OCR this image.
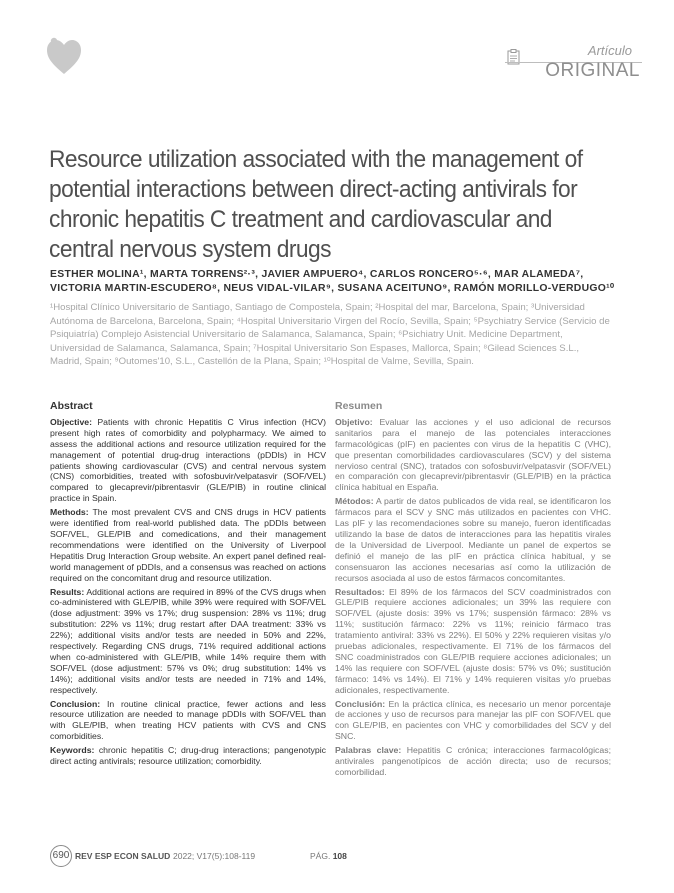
Artículo
ORIGINAL
Resource utilization associated with the management of potential interactions between direct-acting antivirals for chronic hepatitis C treatment and cardiovascular and central nervous system drugs
ESTHER MOLINA¹, MARTA TORRENS²·³, JAVIER AMPUERO⁴, CARLOS RONCERO⁵·⁶, MAR ALAMEDA⁷, VICTORIA MARTIN-ESCUDERO⁸, NEUS VIDAL-VILAR⁹, SUSANA ACEITUNO⁹, RAMÓN MORILLO-VERDUGO¹⁰
¹Hospital Clínico Universitario de Santiago, Santiago de Compostela, Spain; ²Hospital del mar, Barcelona, Spain; ³Universidad Autónoma de Barcelona, Barcelona, Spain; ⁴Hospital Universitario Virgen del Rocío, Sevilla, Spain; ⁵Psychiatry Service (Servicio de Psiquiatría) Complejo Asistencial Universitario de Salamanca, Salamanca, Spain; ⁶Psichiatry Unit. Medicine Department, Universidad de Salamanca, Salamanca, Spain; ⁷Hospital Universitario Son Espases, Mallorca, Spain; ⁸Gilead Sciences S.L., Madrid, Spain; ⁹Outomes'10, S.L., Castellón de la Plana, Spain; ¹⁰Hospital de Valme, Sevilla, Spain.
Abstract

Objective: Patients with chronic Hepatitis C Virus infection (HCV) present high rates of comorbidity and polypharmacy. We aimed to assess the additional actions and resource utilization required for the management of potential drug-drug interactions (pDDIs) in HCV patients showing cardiovascular (CVS) and central nervous system (CNS) comorbidities, treated with sofosbuvir/velpatasvir (SOF/VEL) compared to glecaprevir/pibrentasvir (GLE/PIB) in routine clinical practice in Spain.

Methods: The most prevalent CVS and CNS drugs in HCV patients were identified from real-world published data. The pDDIs between SOF/VEL, GLE/PIB and comedications, and their management recommendations were identified on the University of Liverpool Hepatitis Drug Interaction Group website. An expert panel defined real-world management of pDDIs, and a consensus was reached on actions required on the concomitant drug and resource utilization.

Results: Additional actions are required in 89% of the CVS drugs when co-administered with GLE/PIB, while 39% were required with SOF/VEL (dose adjustment: 39% vs 17%; drug suspension: 28% vs 11%; drug substitution: 22% vs 11%; drug restart after DAA treatment: 33% vs 22%); additional visits and/or tests are needed in 50% and 22%, respectively. Regarding CNS drugs, 71% required additional actions when co-administered with GLE/PIB, while 14% require them with SOF/VEL (dose adjustment: 57% vs 0%; drug substitution: 14% vs 14%); additional visits and/or tests are needed in 71% and 14%, respectively.

Conclusion: In routine clinical practice, fewer actions and less resource utilization are needed to manage pDDIs with SOF/VEL than with GLE/PIB, when treating HCV patients with CVS and CNS comorbidities.

Keywords: chronic hepatitis C; drug-drug interactions; pangenotypic direct acting antivirals; resource utilization; comorbidity.

Resumen

Objetivo: Evaluar las acciones y el uso adicional de recursos sanitarios para el manejo de las potenciales interacciones farmacológicas (pIF) en pacientes con virus de la hepatitis C (VHC), que presentan comorbilidades cardiovasculares (SCV) y del sistema nervioso central (SNC), tratados con sofosbuvir/velpatasvir (SOF/VEL) en comparación con glecaprevir/pibrentasvir (GLE/PIB) en la práctica clínica habitual en España.

Métodos: A partir de datos publicados de vida real, se identificaron los fármacos para el SCV y SNC más utilizados en pacientes con VHC. Las pIF y las recomendaciones sobre su manejo, fueron identificadas utilizando la base de datos de interacciones para las hepatitis virales de la Universidad de Liverpool. Mediante un panel de expertos se definió el manejo de las pIF en práctica clínica habitual, y se consensuaron las acciones necesarias así como la utilización de recursos asociada al uso de estos fármacos concomitantes.

Resultados: El 89% de los fármacos del SCV coadministrados con GLE/PIB requiere acciones adicionales; un 39% las requiere con SOF/VEL (ajuste dosis: 39% vs 17%; suspensión fármaco: 28% vs 11%; sustitución fármaco: 22% vs 11%; reinicio fármaco tras tratamiento antiviral: 33% vs 22%). El 50% y 22% requieren visitas y/o pruebas adicionales, respectivamente. El 71% de los fármacos del SNC coadministrados con GLE/PIB requiere acciones adicionales; un 14% las requiere con SOF/VEL (ajuste dosis: 57% vs 0%; sustitución fármaco: 14% vs 14%). El 71% y 14% requieren visitas y/o pruebas adicionales, respectivamente.

Conclusión: En la práctica clínica, es necesario un menor porcentaje de acciones y uso de recursos para manejar las pIF con SOF/VEL que con GLE/PIB, en pacientes con VHC y comorbilidades del SCV y del SNC.

Palabras clave: Hepatitis C crónica; interacciones farmacológicas; antivirales pangenotípicos de acción directa; uso de recursos; comorbilidad.

690 REV ESP ECON SALUD 2022; V17(5):108-119	PÁG. 108
